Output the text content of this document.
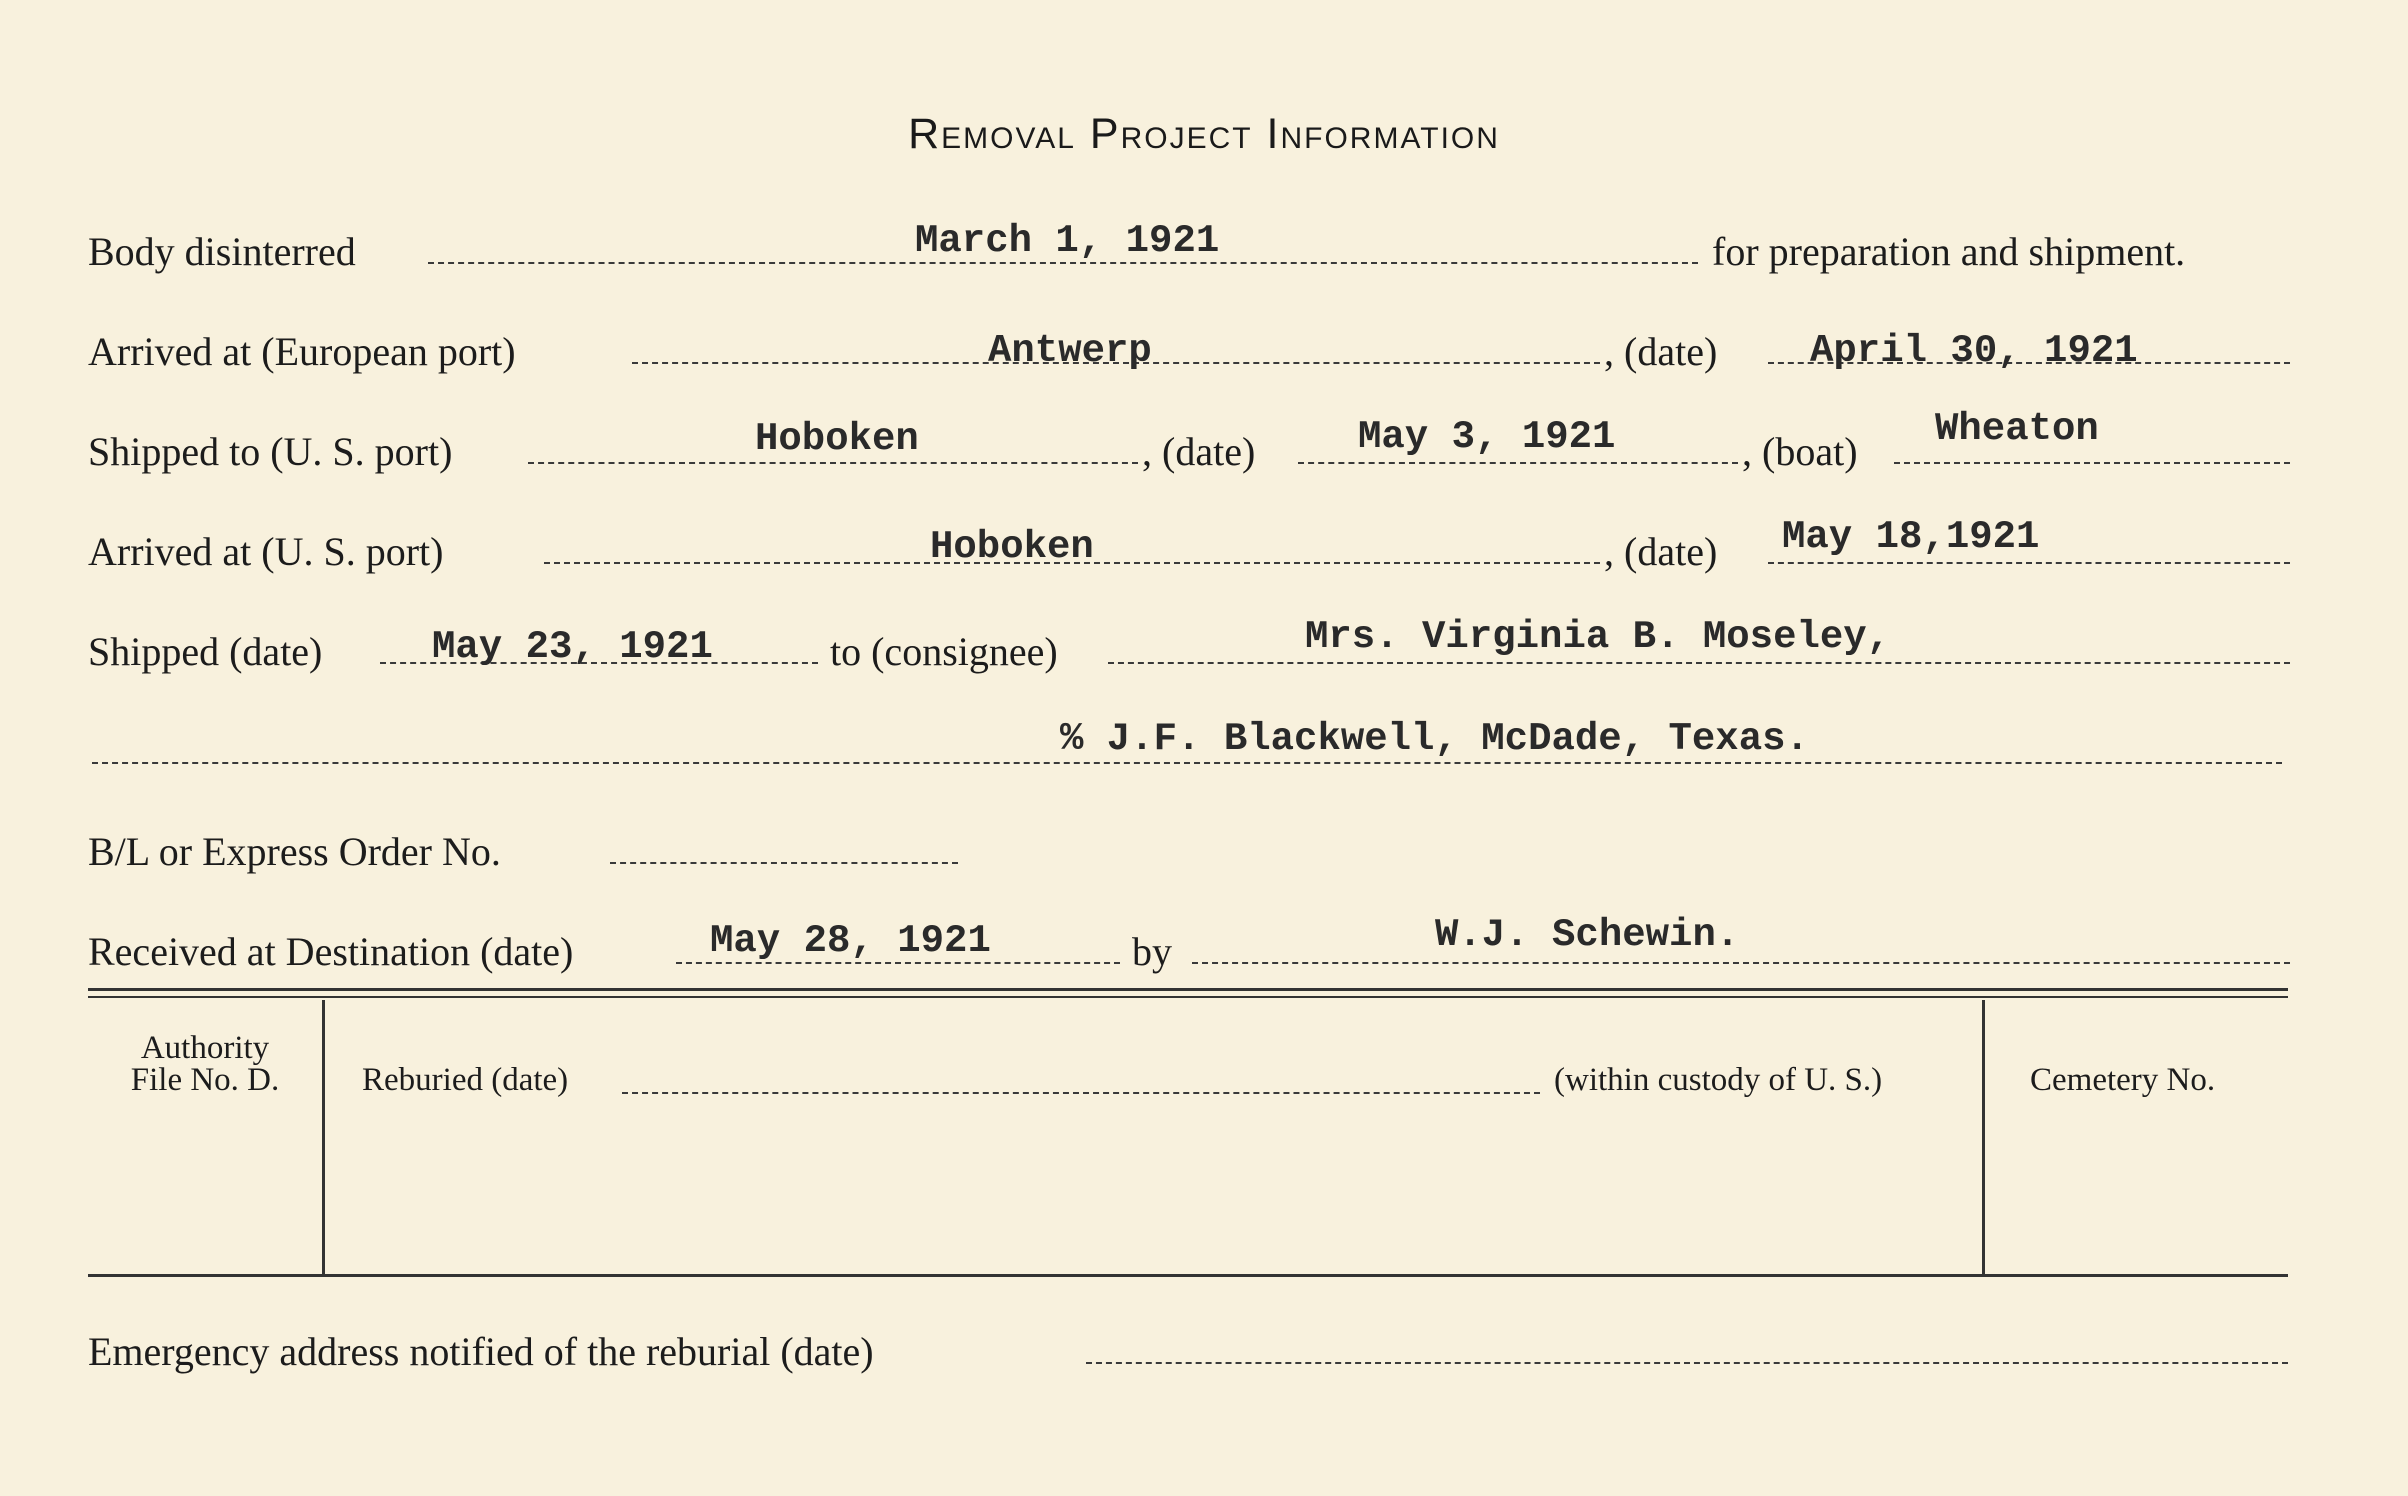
Removal Project Information
Body disinterred	March 1, 1921	for preparation and shipment.
Arrived at (European port)	Antwerp	, (date) April 30, 1921
Shipped to (U. S. port)	Hoboken	, (date)	May 3, 1921	, (boat) Wheaton
Arrived at (U. S. port)	Hoboken	, (date) May 18,1921
Shipped (date)	May 23, 1921	to (consignee)	Mrs. Virginia B. Moseley,
% J.F. Blackwell, McDade, Texas.
B/L or Express Order No.
Received at Destination (date)	May 28, 1921	by	W.J. Schewin.
Authority
File No. D.	Reburied (date)	(within custody of U. S.)	Cemetery No.
Emergency address notified of the reburial (date)
